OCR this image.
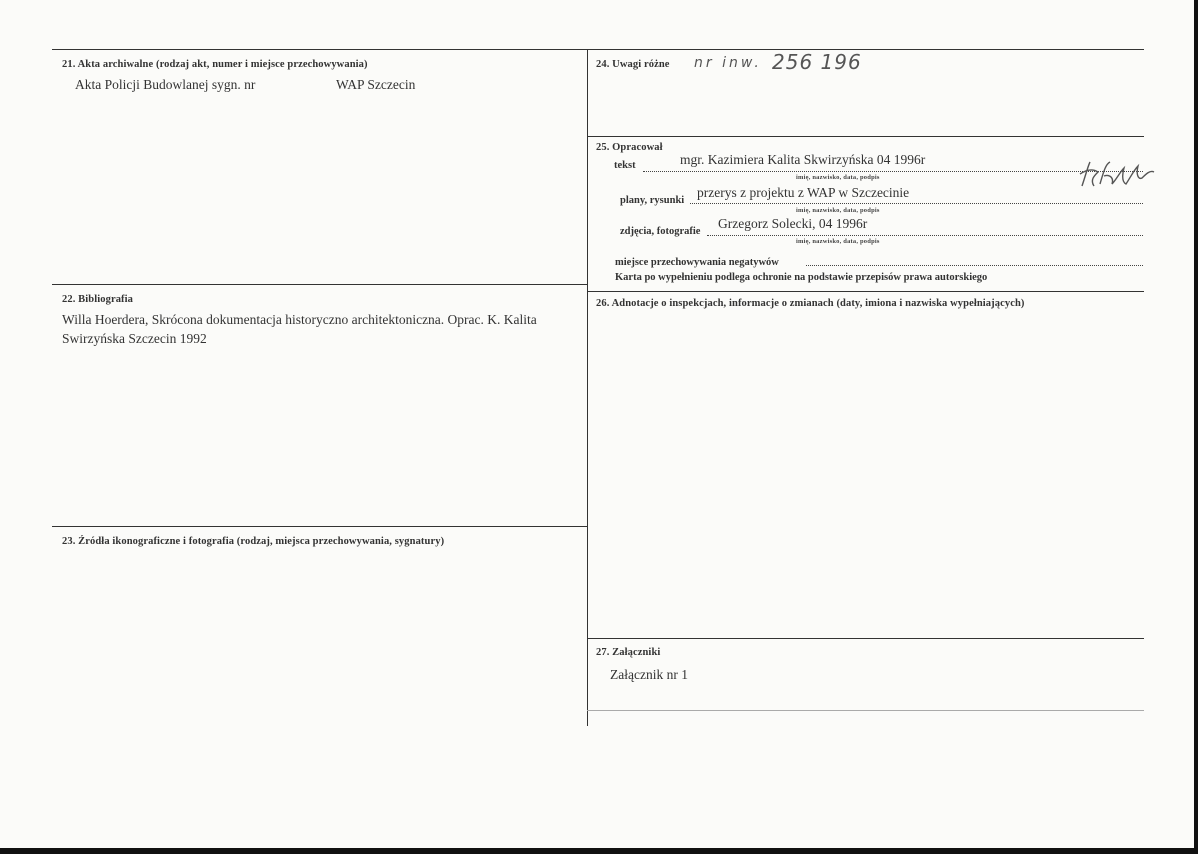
21. Akta archiwalne (rodzaj akt, numer i miejsce przechowywania)
Akta Policji Budowlanej sygn. nr	WAP Szczecin
22. Bibliografia
Willa Hoerdera, Skrócona dokumentacja historyczno architektoniczna. Oprac. K. Kalita Swirzyńska Szczecin 1992
23. Źródła ikonograficzne i fotografia (rodzaj, miejsca przechowywania, sygnatury)
24. Uwagi różne nr inw. 256 196
25. Opracował
tekst	mgr. Kazimiera Kalita Skwirzyńska 04 1996r
imię, nazwisko, data, podpis
plany, rysunki
przerys z projektu z WAP w Szczecinie
imię, nazwisko, data, podpis
zdjęcia, fotografie
Grzegorz Solecki, 04 1996r
imię, nazwisko, data, podpis
miejsce przechowywania negatywów
Karta po wypełnieniu podlega ochronie na podstawie przepisów prawa autorskiego
26. Adnotacje o inspekcjach, informacje o zmianach (daty, imiona i nazwiska wypełniających)
27. Załączniki
Załącznik nr 1
